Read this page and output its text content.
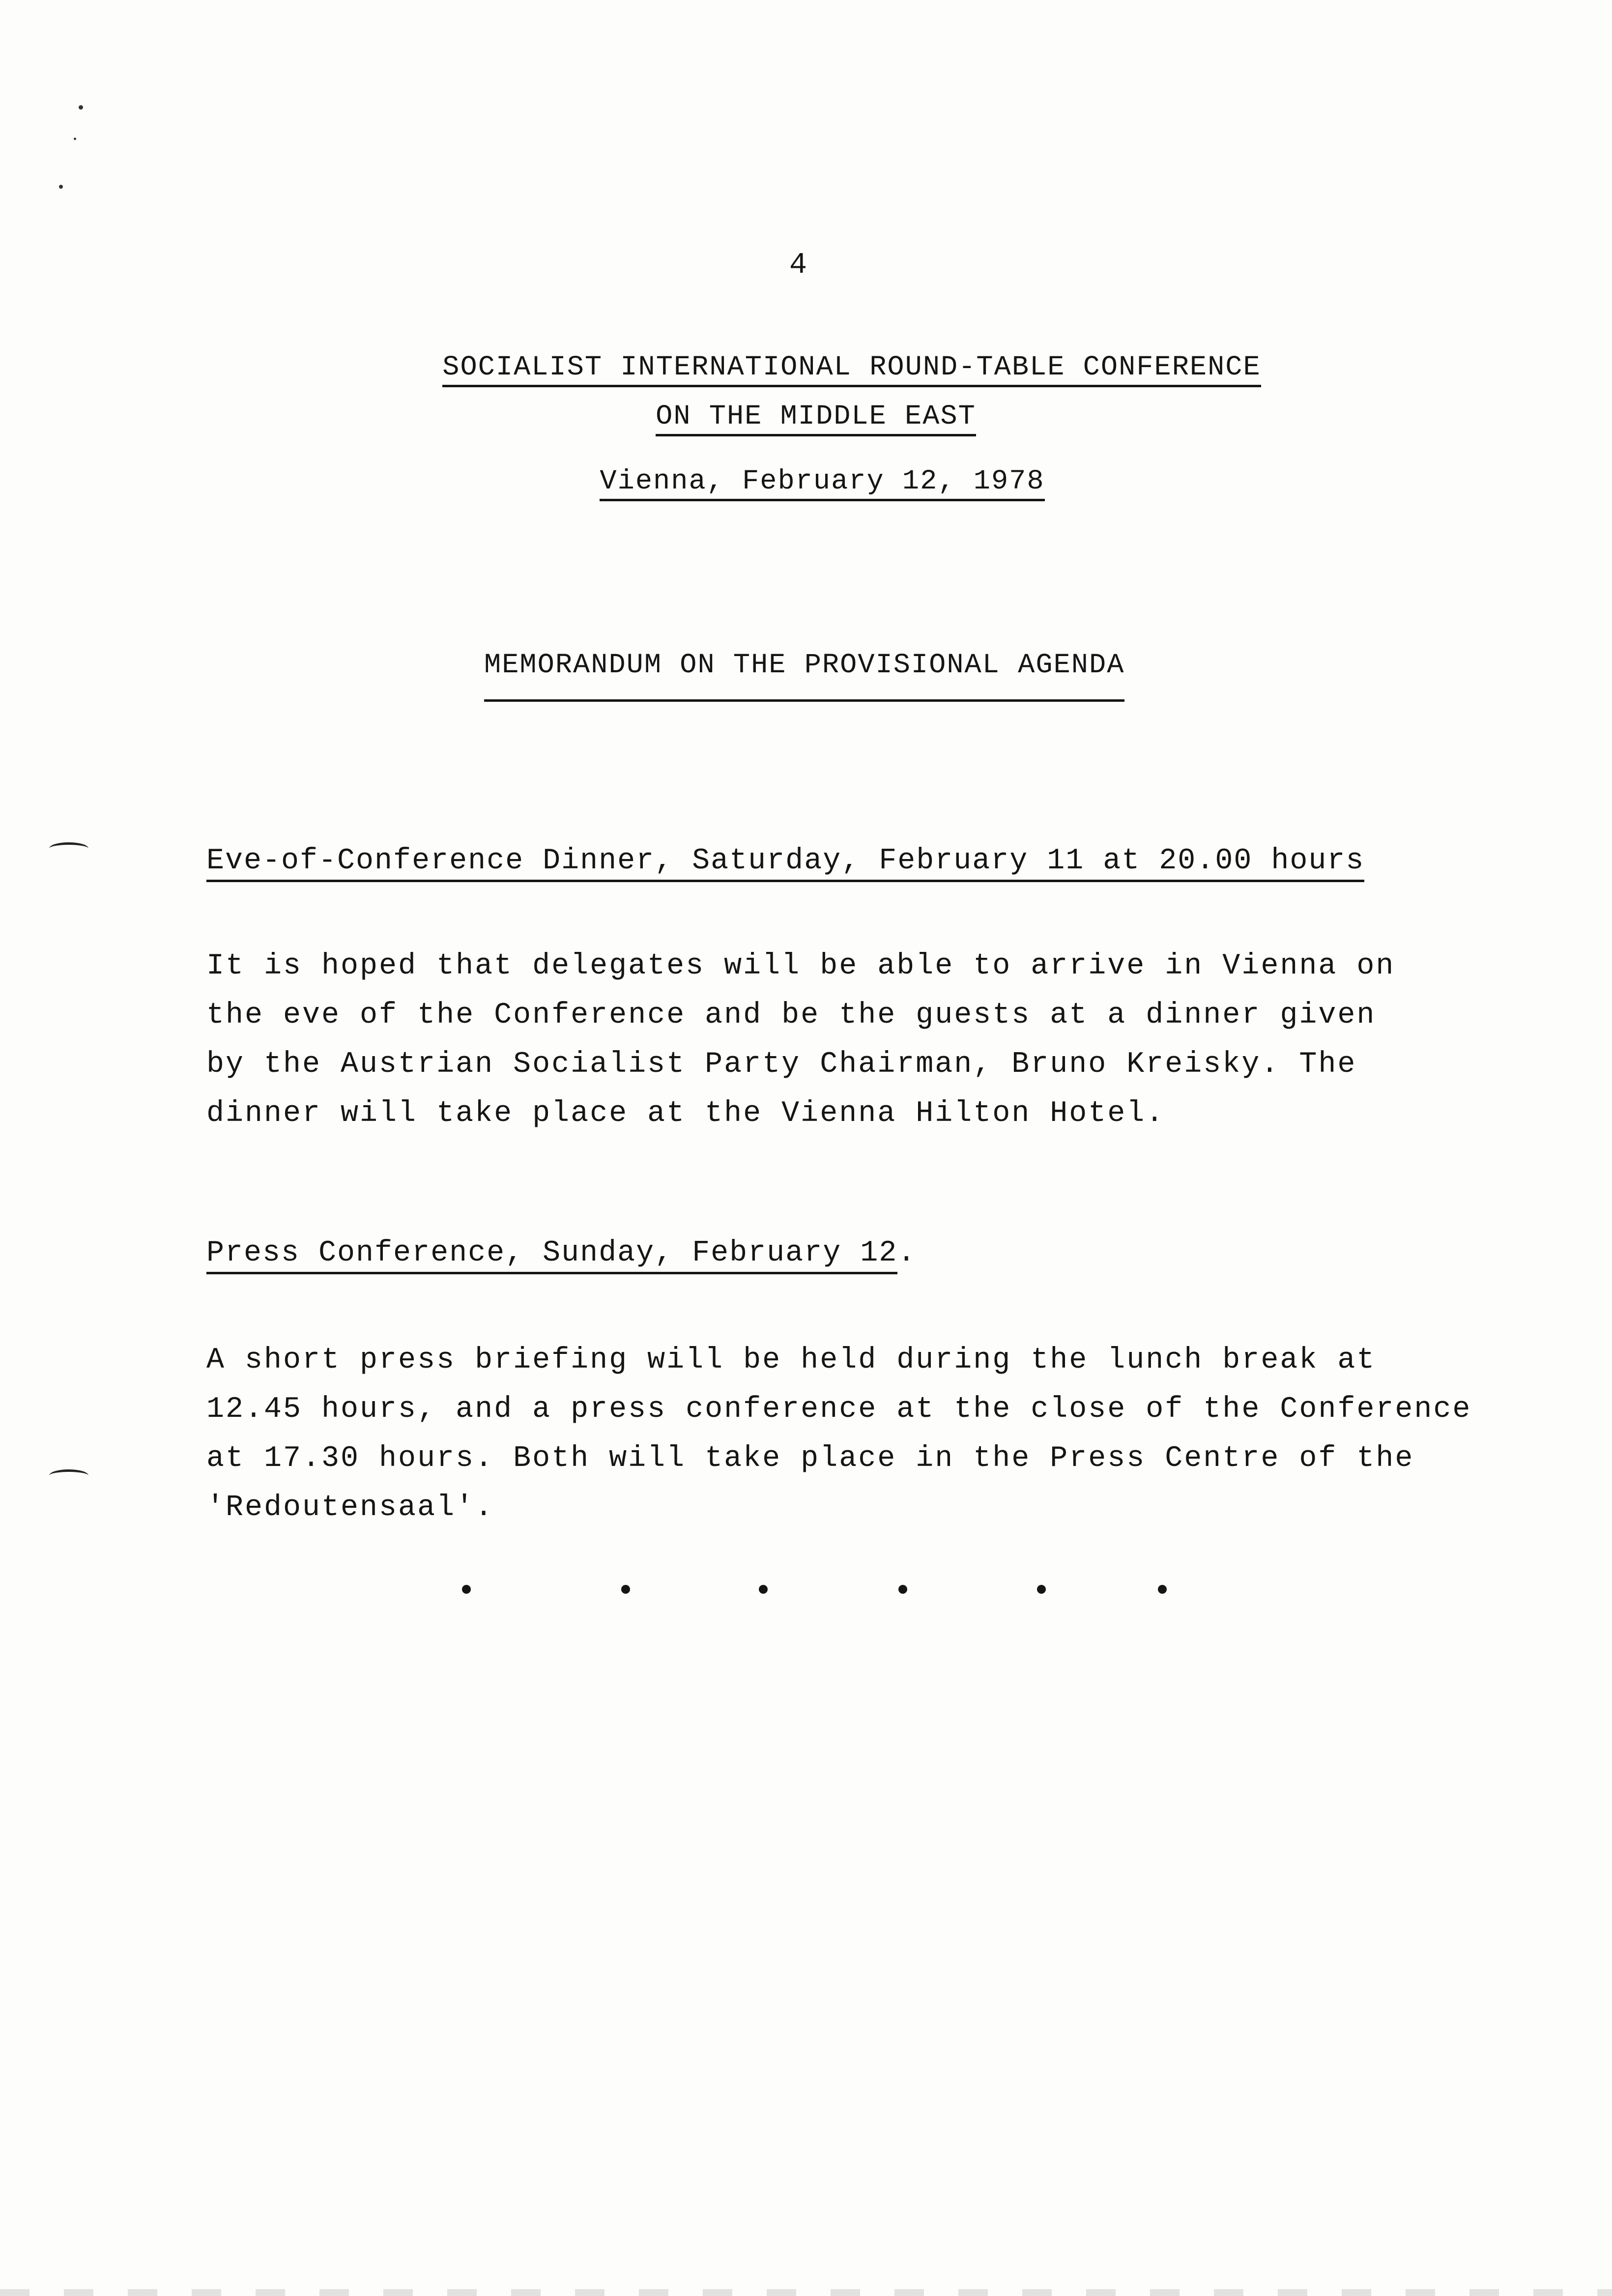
4
SOCIALIST INTERNATIONAL ROUND-TABLE CONFERENCE
ON THE MIDDLE EAST
Vienna, February 12, 1978
MEMORANDUM ON THE PROVISIONAL AGENDA
Eve-of-Conference Dinner, Saturday, February 11 at 20.00 hours
It is hoped that delegates will be able to arrive in Vienna on
the eve of the Conference and be the guests at a dinner given
by the Austrian Socialist Party Chairman, Bruno Kreisky. The
dinner will take place at the Vienna Hilton Hotel.
Press Conference, Sunday, February 12.
A short press briefing will be held during the lunch break at
12.45 hours, and a press conference at the close of the Conference
at 17.30 hours. Both will take place in the Press Centre of the
'Redoutensaal'.
